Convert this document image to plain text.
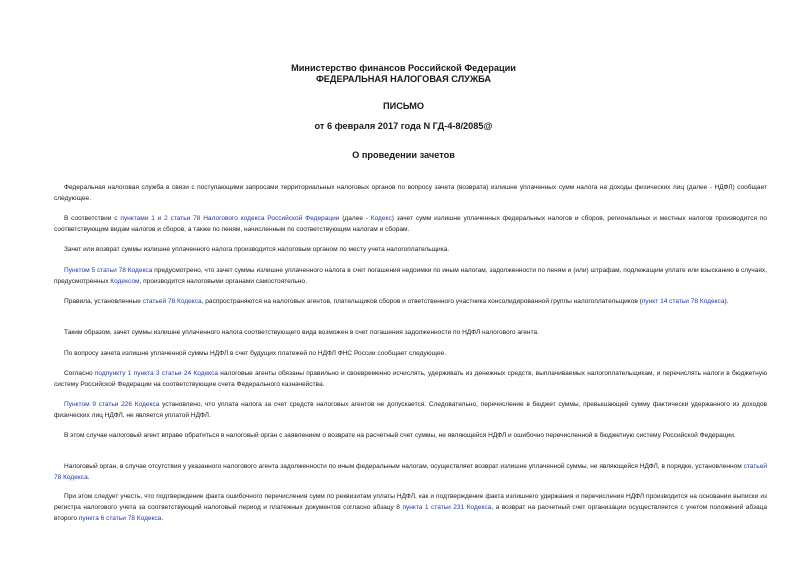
Министерство финансов Российской Федерации
ФЕДЕРАЛЬНАЯ НАЛОГОВАЯ СЛУЖБА
ПИСЬМО
от 6 февраля 2017 года N ГД-4-8/2085@
О проведении зачетов
Федеральная налоговая служба в связи с поступающими запросами территориальных налоговых органов по вопросу зачета (возврата) излишне уплаченных сумм налога на доходы физических лиц (далее - НДФЛ) сообщает следующее.
В соответствии с пунктами 1 и 2 статьи 78 Налогового кодекса Российской Федерации (далее - Кодекс) зачет сумм излишне уплаченных федеральных налогов и сборов, региональных и местных налогов производится по соответствующим видам налогов и сборов, а также по пеням, начисленным по соответствующим налогам и сборам.
Зачет или возврат суммы излишне уплаченного налога производится налоговым органом по месту учета налогоплательщика.
Пунктом 5 статьи 78 Кодекса предусмотрено, что зачет суммы излишне уплаченного налога в счет погашения недоимки по иным налогам, задолженности по пеням и (или) штрафам, подлежащим уплате или взысканию в случаях, предусмотренных Кодексом, производится налоговыми органами самостоятельно.
Правила, установленные статьей 78 Кодекса, распространяются на налоговых агентов, плательщиков сборов и ответственного участника консолидированной группы налогоплательщиков (пункт 14 статьи 78 Кодекса).
Таким образом, зачет суммы излишне уплаченного налога соответствующего вида возможен в счет погашения задолженности по НДФЛ налогового агента.
По вопросу зачета излишне уплаченной суммы НДФЛ в счет будущих платежей по НДФЛ ФНС России сообщает следующее.
Согласно подпункту 1 пункта 3 статьи 24 Кодекса налоговые агенты обязаны правильно и своевременно исчислять, удерживать из денежных средств, выплачиваемых налогоплательщикам, и перечислять налоги в бюджетную систему Российской Федерации на соответствующие счета Федерального казначейства.
Пунктом 9 статьи 226 Кодекса установлено, что уплата налога за счет средств налоговых агентов не допускается. Следовательно, перечисление в бюджет суммы, превышающей сумму фактически удержанного из доходов физических лиц НДФЛ, не является уплатой НДФЛ.
В этом случае налоговый агент вправе обратиться в налоговый орган с заявлением о возврате на расчетный счет суммы, не являющейся НДФЛ и ошибочно перечисленной в бюджетную систему Российской Федерации.
Налоговый орган, в случае отсутствия у указанного налогового агента задолженности по иным федеральным налогам, осуществляет возврат излишне уплаченной суммы, не являющейся НДФЛ, в порядке, установленном статьей 78 Кодекса.
При этом следует учесть, что подтверждение факта ошибочного перечисления сумм по реквизитам уплаты НДФЛ, как и подтверждение факта излишнего удержания и перечисления НДФЛ производится на основании выписки из регистра налогового учета за соответствующий налоговый период и платежных документов согласно абзацу 8 пункта 1 статьи 231 Кодекса, а возврат на расчетный счет организации осуществляется с учетом положений абзаца второго пункта 6 статьи 78 Кодекса.
